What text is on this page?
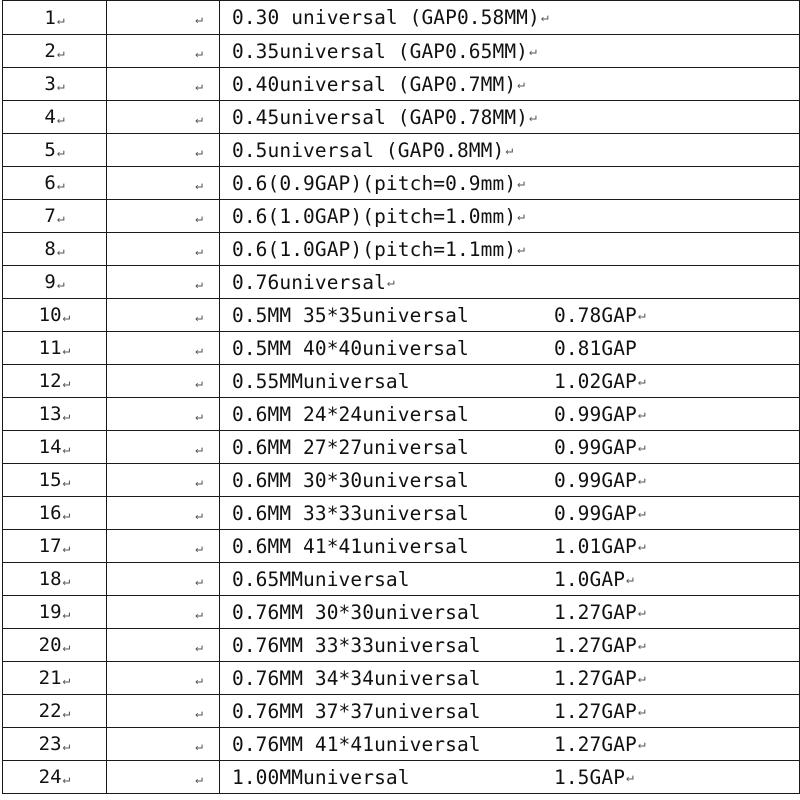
1↵	↵	0.30 universal (GAP0.58MM) ↵

2↵	↵	0.35universal (GAP0.65MM) ↵

3↵	↵	0.40universal (GAP0.7MM) ↵

4↵	↵	0.45universal (GAP0.78MM) ↵

5↵	↵	0.5universal (GAP0.8MM) ↵

6↵	↵	0.6(0.9GAP)(pitch=0.9mm) ↵

7↵	↵	0.6(1.0GAP)(pitch=1.0mm) ↵

8↵	↵	0.6(1.0GAP)(pitch=1.1mm) ↵

9↵	↵	0.76universal ↵

10↵	↵	0.5MM 35*35universal 0.78GAP ↵

11↵	↵	0.5MM 40*40universal 0.81GAP

12↵	↵	0.55MMuniversal 1.02GAP ↵

13↵	↵	0.6MM 24*24universal 0.99GAP ↵

14↵	↵	0.6MM 27*27universal 0.99GAP ↵

15↵	↵	0.6MM 30*30universal 0.99GAP ↵

16↵	↵	0.6MM 33*33universal 0.99GAP ↵

17↵	↵	0.6MM 41*41universal 1.01GAP ↵

18↵	↵	0.65MMuniversal 1.0GAP ↵

19↵	↵	0.76MM 30*30universal 1.27GAP ↵

20↵	↵	0.76MM 33*33universal 1.27GAP ↵

21↵	↵	0.76MM 34*34universal 1.27GAP ↵

22↵	↵	0.76MM 37*37universal 1.27GAP ↵

23↵	↵	0.76MM 41*41universal 1.27GAP ↵

24↵	↵	1.00MMuniversal 1.5GAP ↵
